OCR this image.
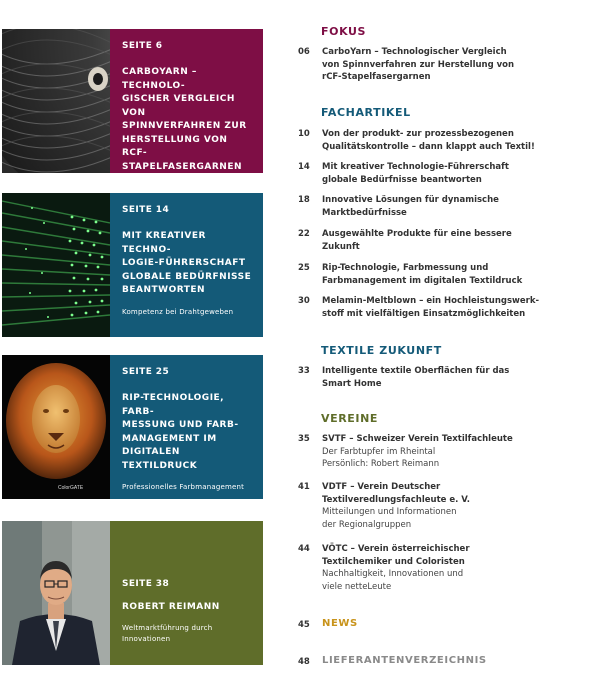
SEITE 6
CARBOYARN – TECHNOLO-
GISCHER VERGLEICH VON
SPINNVERFAHREN ZUR
HERSTELLUNG VON RCF-
STAPELFASERGARNEN
Angepasste Recycling-Verfahren
SEITE 14
MIT KREATIVER TECHNO-
LOGIE-FÜHRERSCHAFT
GLOBALE BEDÜRFNISSE
BEANTWORTEN
Kompetenz bei Drahtgeweben
ColorGATE
SEITE 25
RIP-TECHNOLOGIE, FARB-
MESSUNG UND FARB-
MANAGEMENT IM
DIGITALEN TEXTILDRUCK
Professionelles Farbmanagement
SEITE 38
ROBERT REIMANN
Weltmarktführung durch
Innovationen
FOKUS
06	CarboYarn – Technologischer Vergleich
von Spinnverfahren zur Herstellung von
rCF-Stapelfasergarnen
FACHARTIKEL
10	Von der produkt- zur prozessbezogenen
Qualitätskontrolle – dann klappt auch Textil!
14	Mit kreativer Technologie-Führerschaft
globale Bedürfnisse beantworten
18	Innovative Lösungen für dynamische
Marktbedürfnisse
22	Ausgewählte Produkte für eine bessere
Zukunft
25	Rip-Technologie, Farbmessung und
Farbmanagement im digitalen Textildruck
30	Melamin-Meltblown – ein Hochleistungswerk-
stoff mit vielfältigen Einsatzmöglichkeiten
TEXTILE ZUKUNFT
33	Intelligente textile Oberflächen für das
Smart Home
VEREINE
35	SVTF – Schweizer Verein Textilfachleute
Der Farbtupfer im Rheintal
Persönlich: Robert Reimann
41	VDTF – Verein Deutscher
Textilveredlungsfachleute e. V.
Mitteilungen und Informationen
der Regionalgruppen
44	VÖTC – Verein österreichischer
Textilchemiker und Coloristen
Nachhaltigkeit, Innovationen und
viele netteLeute
45	NEWS
48	LIEFERANTENVERZEICHNIS
